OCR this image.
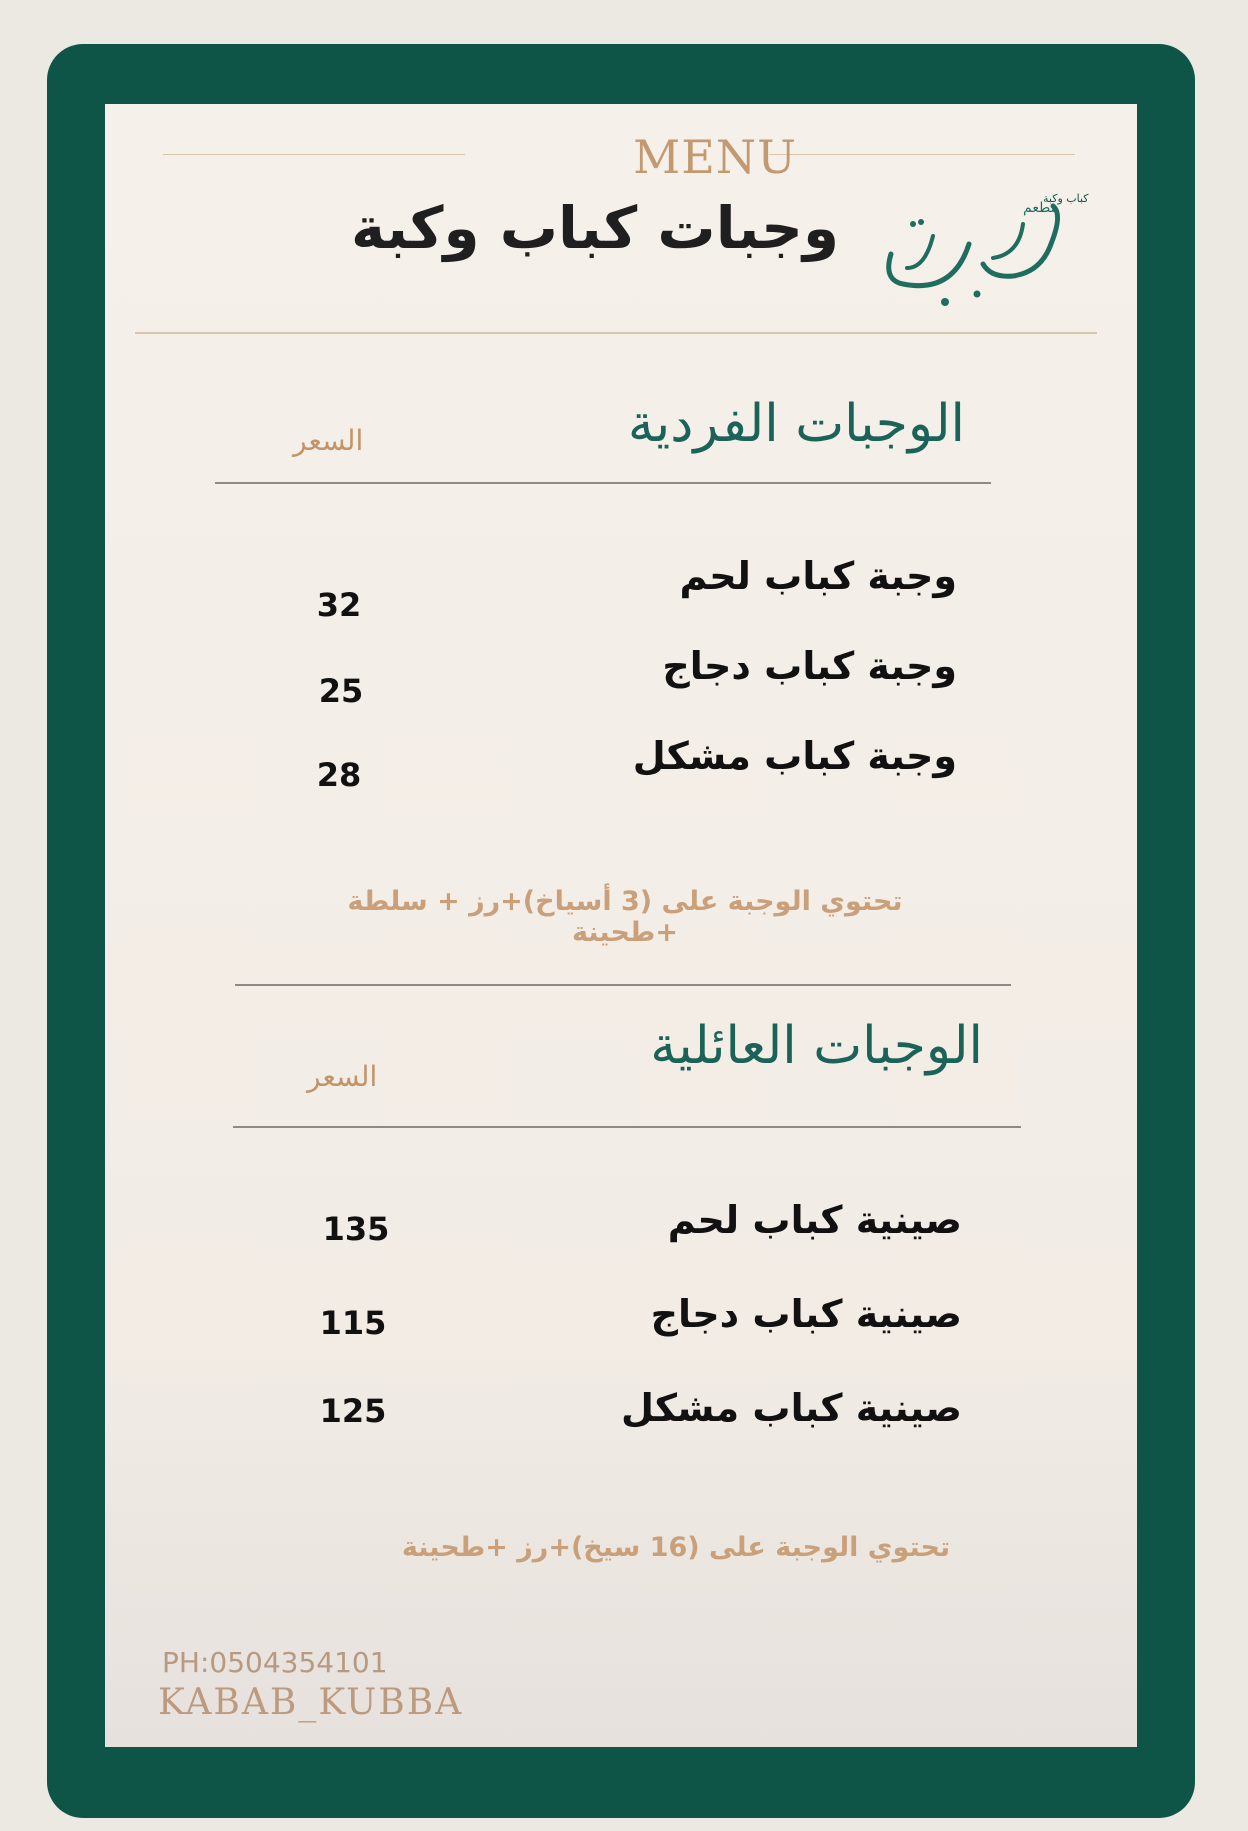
MENU
وجبات كباب وكبة	مطعم
كباب وكبة
الوجبات الفردية
السعر
وجبة كباب لحم
32
وجبة كباب دجاج
25
وجبة كباب مشكل
28
تحتوي الوجبة على (3 أسياخ)+رز + سلطة +طحينة
الوجبات العائلية
السعر
صينية كباب لحم
135
صينية كباب دجاج
115
صينية كباب مشكل
125
تحتوي الوجبة على (16 سيخ)+رز +طحينة
PH:0504354101
KABAB_KUBBA
